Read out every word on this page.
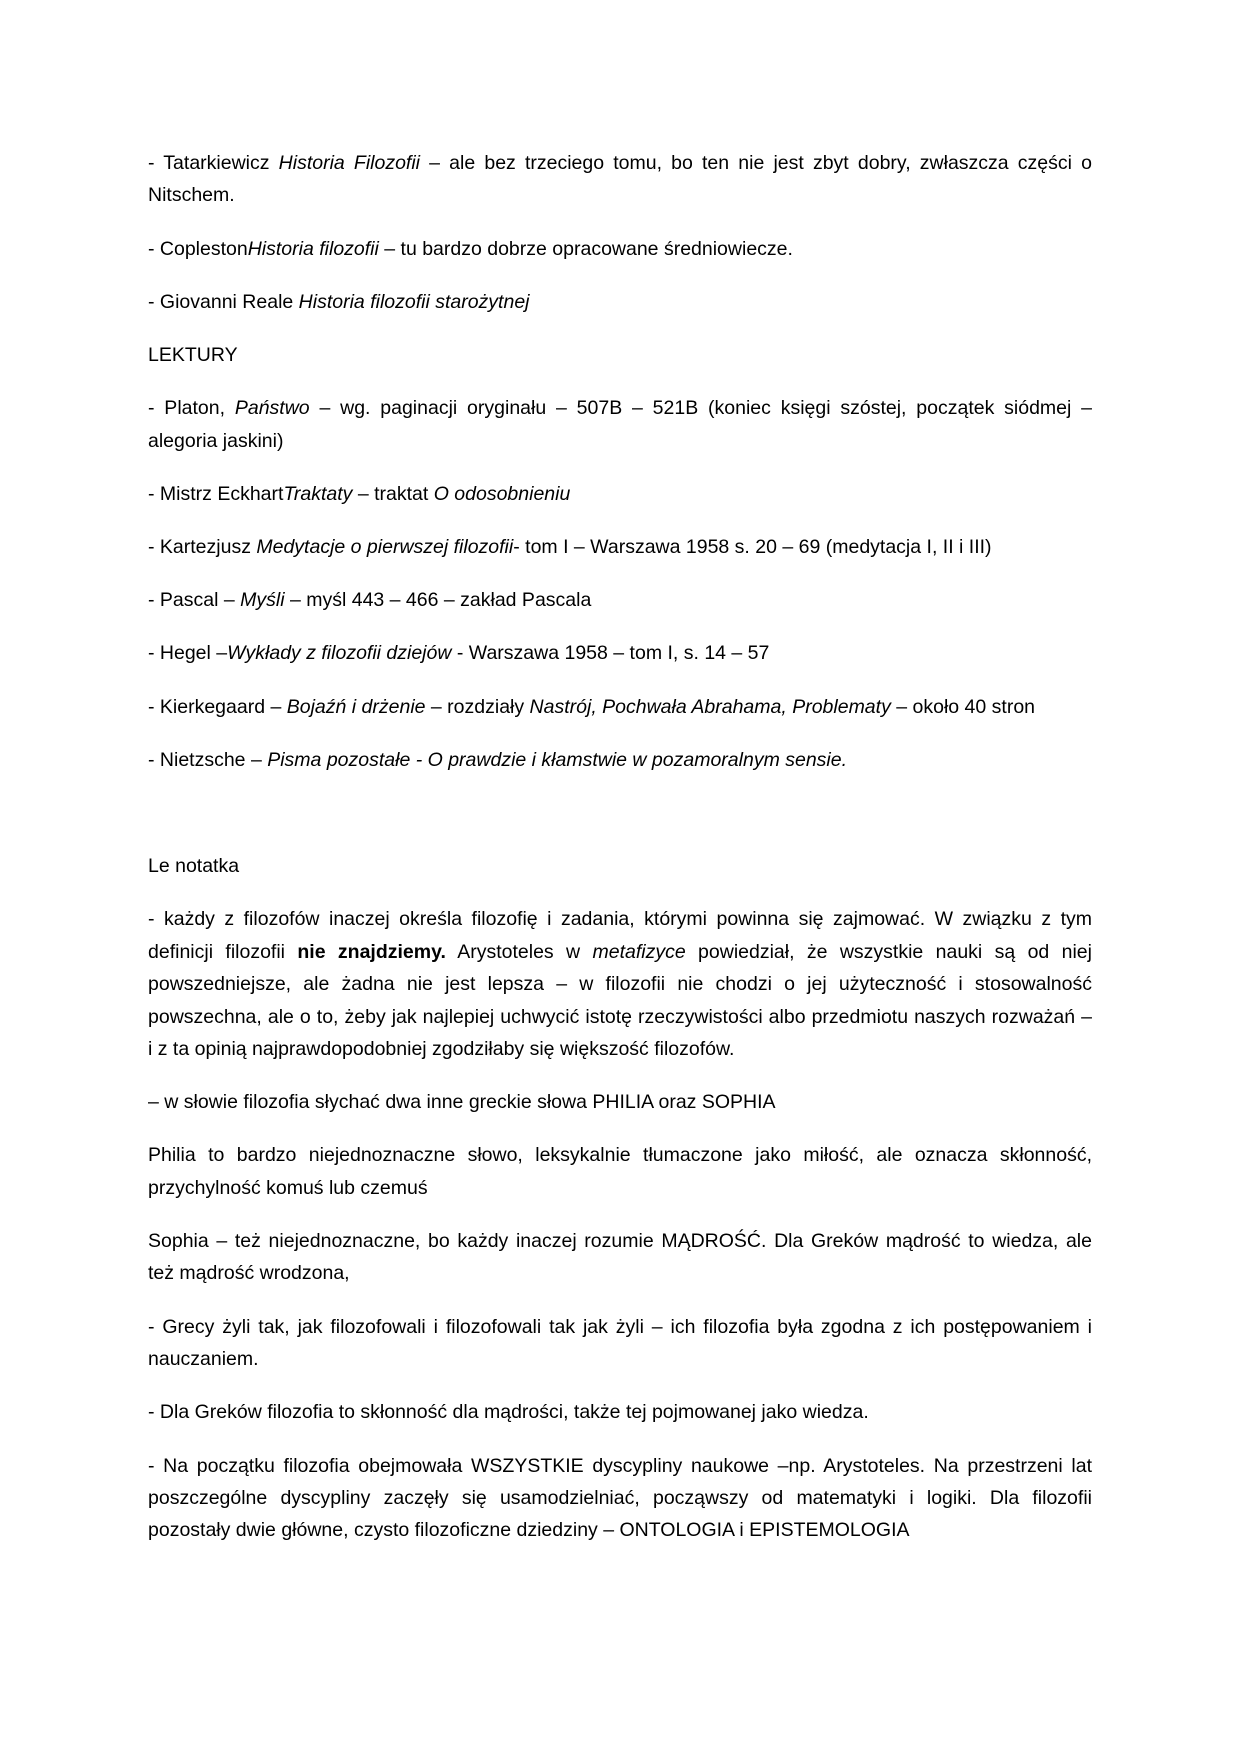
- Tatarkiewicz Historia Filozofii – ale bez trzeciego tomu, bo ten nie jest zbyt dobry, zwłaszcza części o Nitschem.

- CoplestonHistoria filozofii – tu bardzo dobrze opracowane średniowiecze.

- Giovanni Reale Historia filozofii starożytnej

LEKTURY

- Platon, Państwo – wg. paginacji oryginału – 507B – 521B (koniec księgi szóstej, początek siódmej – alegoria jaskini)

- Mistrz EckhartTraktaty – traktat O odosobnieniu

- Kartezjusz Medytacje o pierwszej filozofii- tom I – Warszawa 1958 s. 20 – 69 (medytacja I, II i III)

- Pascal – Myśli – myśl 443 – 466 – zakład Pascala

- Hegel –Wykłady z filozofii dziejów - Warszawa 1958 – tom I, s. 14 – 57

- Kierkegaard – Bojaźń i drżenie – rozdziały Nastrój, Pochwała Abrahama, Problematy – około 40 stron

- Nietzsche – Pisma pozostałe - O prawdzie i kłamstwie w pozamoralnym sensie.

Le notatka

- każdy z filozofów inaczej określa filozofię i zadania, którymi powinna się zajmować. W związku z tym definicji filozofii nie znajdziemy. Arystoteles w metafizyce powiedział, że wszystkie nauki są od niej powszedniejsze, ale żadna nie jest lepsza – w filozofii nie chodzi o jej użyteczność i stosowalność powszechna, ale o to, żeby jak najlepiej uchwycić istotę rzeczywistości albo przedmiotu naszych rozważań – i z ta opinią najprawdopodobniej zgodziłaby się większość filozofów.

– w słowie filozofia słychać dwa inne greckie słowa PHILIA oraz SOPHIA

Philia to bardzo niejednoznaczne słowo, leksykalnie tłumaczone jako miłość, ale oznacza skłonność, przychylność komuś lub czemuś

Sophia – też niejednoznaczne, bo każdy inaczej rozumie MĄDROŚĆ. Dla Greków mądrość to wiedza, ale też mądrość wrodzona,

- Grecy żyli tak, jak filozofowali i filozofowali tak jak żyli – ich filozofia była zgodna z ich postępowaniem i nauczaniem.

- Dla Greków filozofia to skłonność dla mądrości, także tej pojmowanej jako wiedza.

- Na początku filozofia obejmowała WSZYSTKIE dyscypliny naukowe –np. Arystoteles. Na przestrzeni lat poszczególne dyscypliny zaczęły się usamodzielniać, począwszy od matematyki i logiki. Dla filozofii pozostały dwie główne, czysto filozoficzne dziedziny – ONTOLOGIA i EPISTEMOLOGIA
